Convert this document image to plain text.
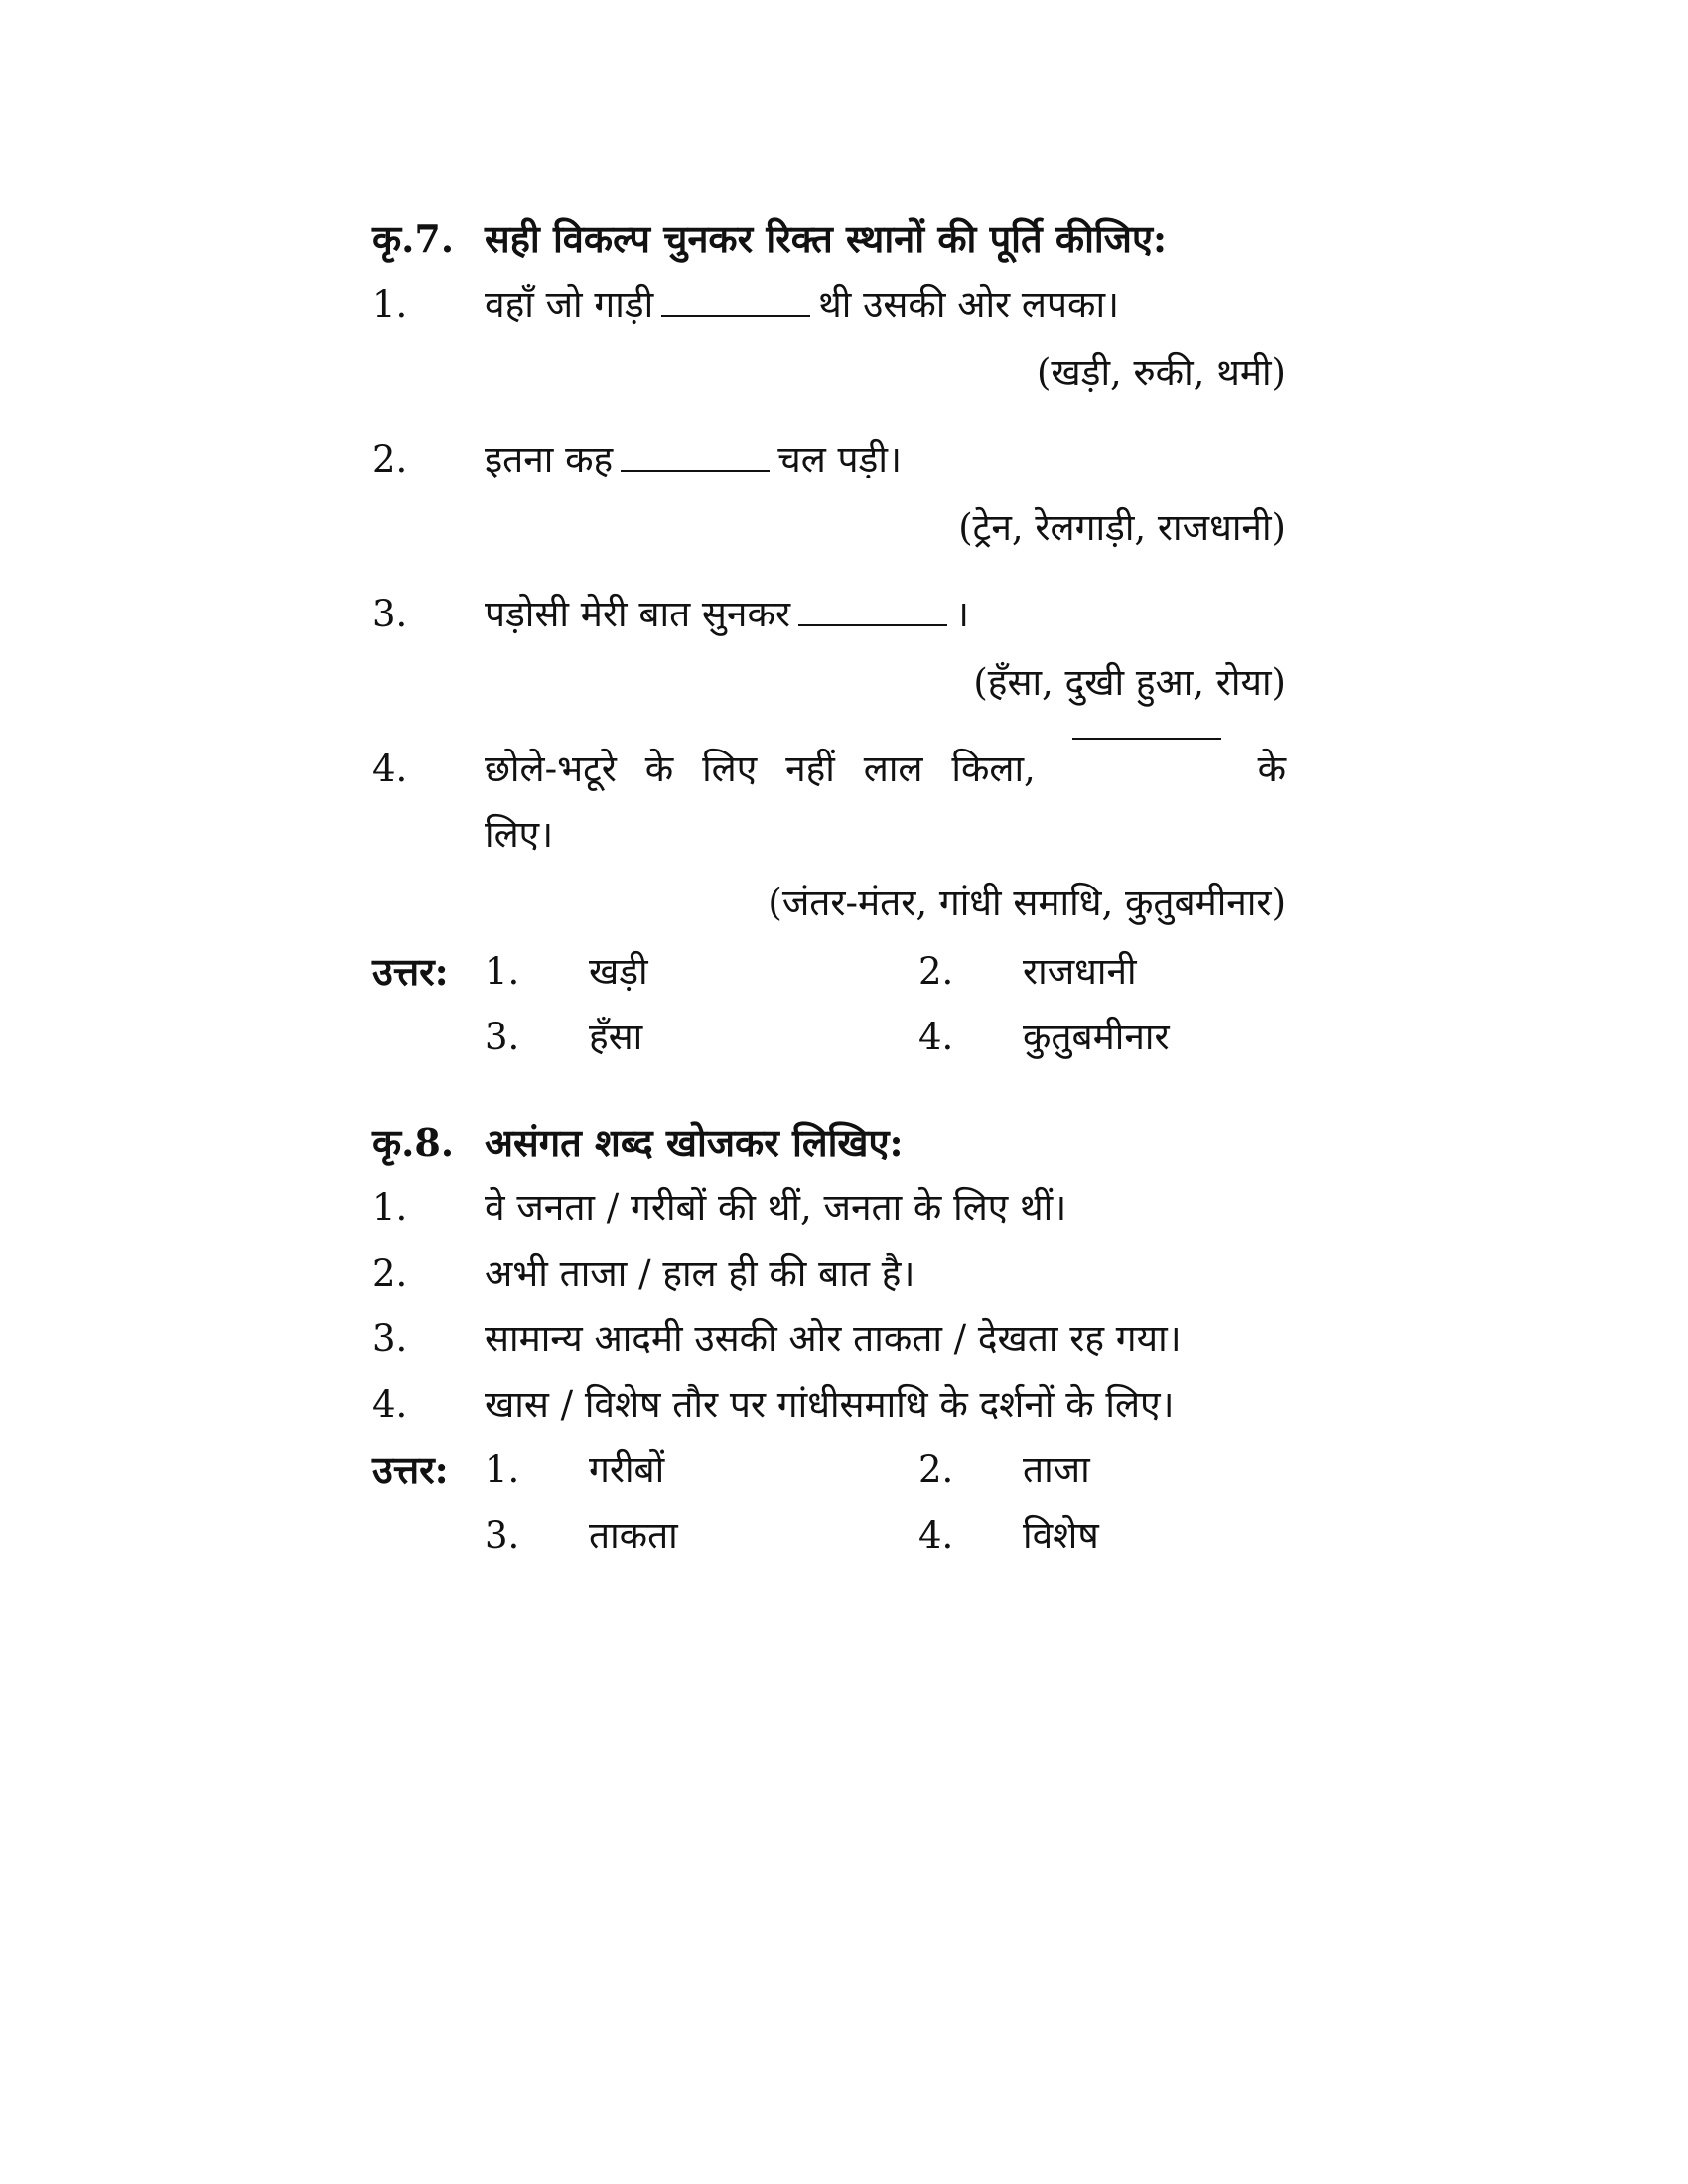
कृ.7. सही विकल्प चुनकर रिक्त स्थानों की पूर्ति कीजिए:
1.	वहाँ जो गाड़ी	थी उसकी ओर लपका।
(खड़ी, रुकी, थमी)
2.	इतना कह	चल पड़ी।
(ट्रेन, रेलगाड़ी, राजधानी)
3.	पड़ोसी मेरी बात सुनकर	।
(हँसा, दुखी हुआ, रोया)
4.	छोले-भटूरे के लिए नहीं लाल किला,	के
लिए।
(जंतर-मंतर, गांधी समाधि, कुतुबमीनार)
उत्तर: 1.	खड़ी	2.	राजधानी
3.	हँसा	4.	कुतुबमीनार
कृ.8. असंगत शब्द खोजकर लिखिए:
1.	वे जनता / गरीबों की थीं, जनता के लिए थीं।
2.	अभी ताजा / हाल ही की बात है।
3.	सामान्य आदमी उसकी ओर ताकता / देखता रह गया।
4.	खास / विशेष तौर पर गांधीसमाधि के दर्शनों के लिए।
उत्तर: 1.	गरीबों	2.	ताजा
3.	ताकता	4.	विशेष
